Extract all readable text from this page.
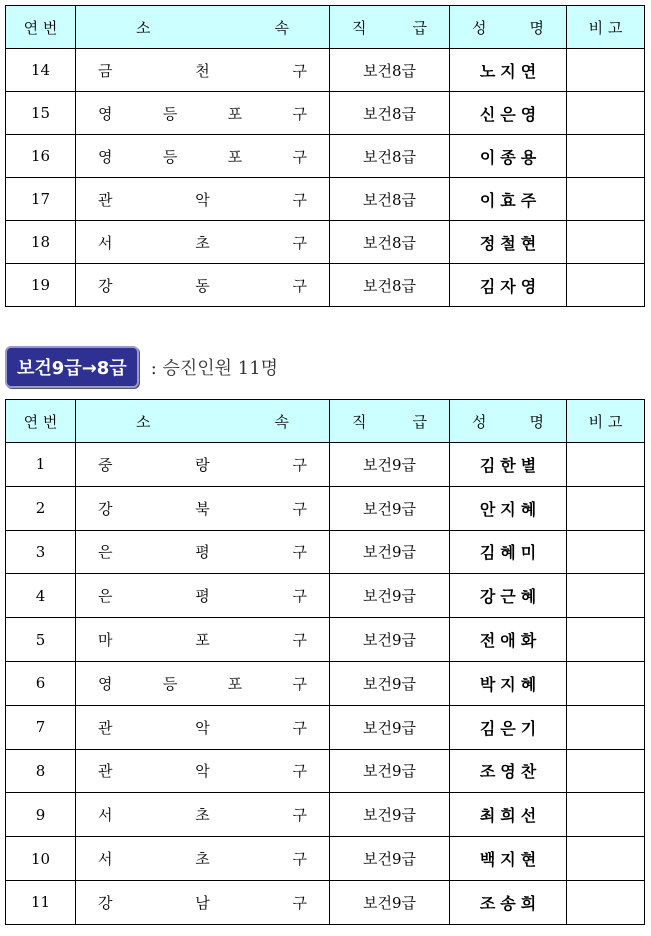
연 번	소 속	직 급	성 명	비 고
14	금 천 구	보건8급	노지연	
15	영 등 포 구	보건8급	신은영	
16	영 등 포 구	보건8급	이종용	
17	관 악 구	보건8급	이효주	
18	서 초 구	보건8급	정철현	
19	강 동 구	보건8급	김자영	
보건9급→8급	: 승진인원 11명
연 번	소 속	직 급	성 명	비 고
1	중 랑 구	보건9급	김한별	
2	강 북 구	보건9급	안지혜	
3	은 평 구	보건9급	김혜미	
4	은 평 구	보건9급	강근혜	
5	마 포 구	보건9급	전애화	
6	영 등 포 구	보건9급	박지혜	
7	관 악 구	보건9급	김은기	
8	관 악 구	보건9급	조영찬	
9	서 초 구	보건9급	최희선	
10	서 초 구	보건9급	백지현	
11	강 남 구	보건9급	조송희	
